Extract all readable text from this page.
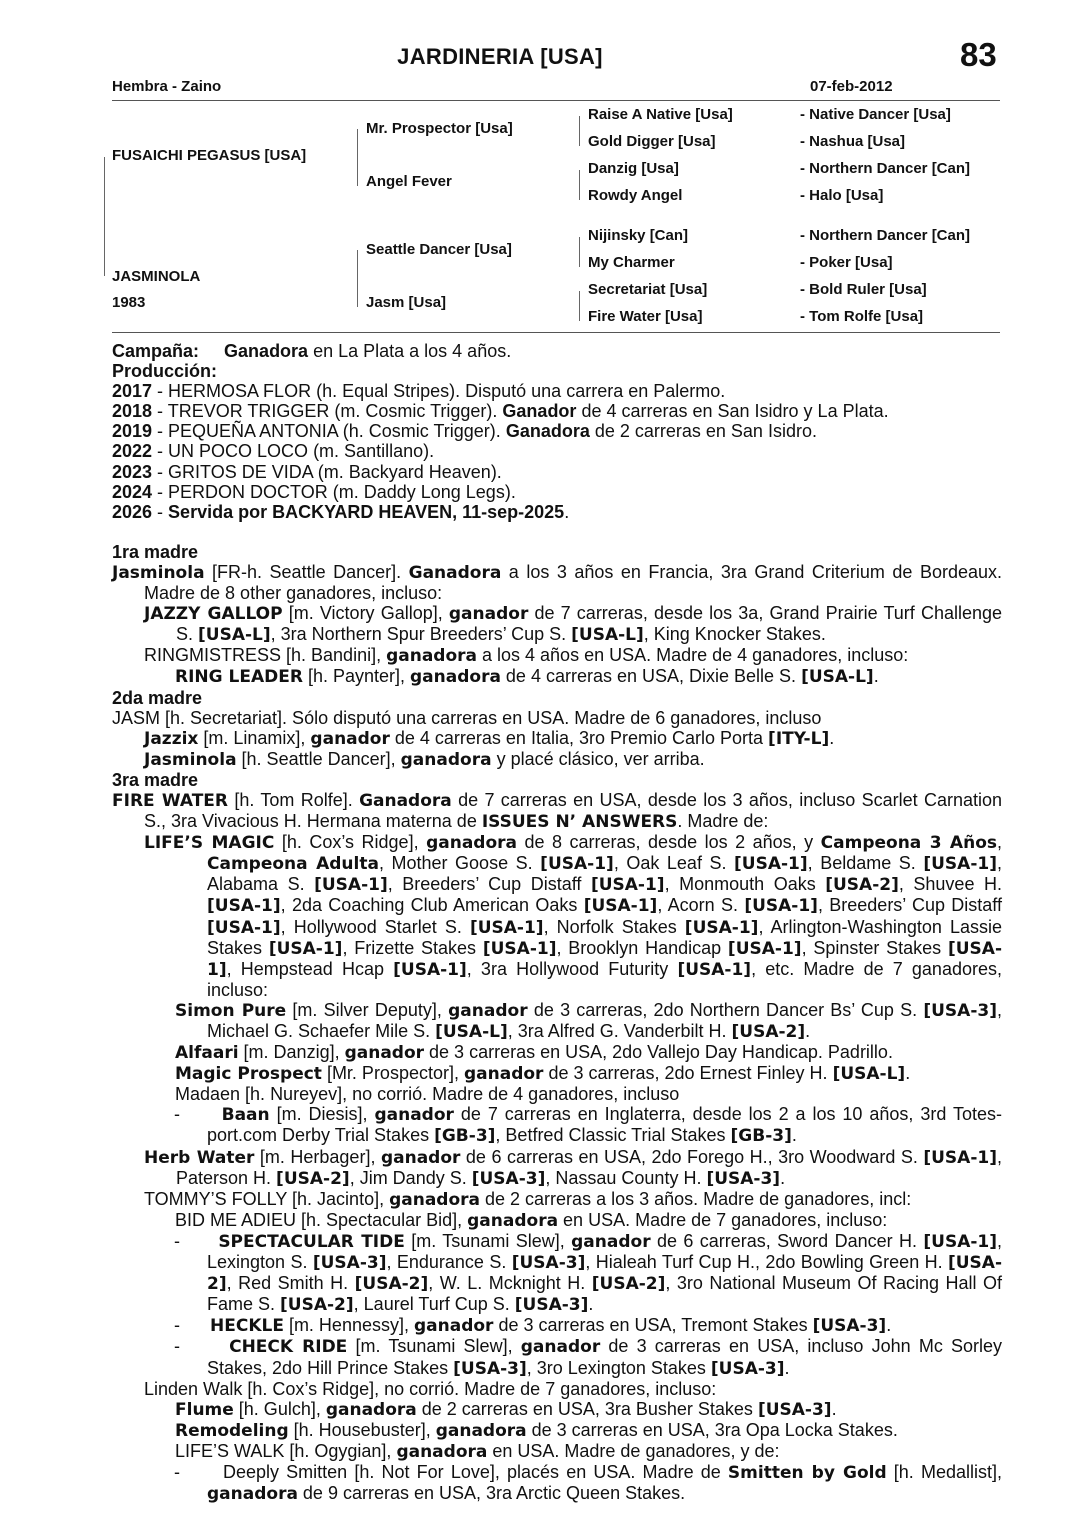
JARDINERIA [USA]	83
Hembra - Zaino	07-feb-2012
FUSAICHI PEGASUS [USA]
JASMINOLA
1983
Mr. Prospector [Usa]
Angel Fever
Seattle Dancer [Usa]
Jasm [Usa]
Raise A Native [Usa]
Gold Digger [Usa]
Danzig [Usa]
Rowdy Angel
Nijinsky [Can]
My Charmer
Secretariat [Usa]
Fire Water [Usa]
- Native Dancer [Usa]
- Nashua [Usa]
- Northern Dancer [Can]
- Halo [Usa]
- Northern Dancer [Can]
- Poker [Usa]
- Bold Ruler [Usa]
- Tom Rolfe [Usa]

Campaña: Ganadora en La Plata a los 4 años.

Producción:

2017 - HERMOSA FLOR (h. Equal Stripes). Disputó una carrera en Palermo.

2018 - TREVOR TRIGGER (m. Cosmic Trigger). Ganador de 4 carreras en San Isidro y La Plata.

2019 - PEQUEÑA ANTONIA (h. Cosmic Trigger). Ganadora de 2 carreras en San Isidro.

2022 - UN POCO LOCO (m. Santillano).

2023 - GRITOS DE VIDA (m. Backyard Heaven).

2024 - PERDON DOCTOR (m. Daddy Long Legs).

2026 - Servida por BACKYARD HEAVEN, 11-sep-2025.

1ra madre

Jasminola [FR-h. Seattle Dancer]. Ganadora a los 3 años en Francia, 3ra Grand Criterium de Bordeaux. Madre de 8 other ganadores, incluso:

JAZZY GALLOP [m. Victory Gallop], ganador de 7 carreras, desde los 3a, Grand Prairie Turf Challenge S. [USA-L], 3ra Northern Spur Breeders’ Cup S. [USA-L], King Knocker Stakes.

RINGMISTRESS [h. Bandini], ganadora a los 4 años en USA. Madre de 4 ganadores, incluso:

RING LEADER [h. Paynter], ganadora de 4 carreras en USA, Dixie Belle S. [USA-L].

2da madre

JASM [h. Secretariat]. Sólo disputó una carreras en USA. Madre de 6 ganadores, incluso

Jazzix [m. Linamix], ganador de 4 carreras en Italia, 3ro Premio Carlo Porta [ITY-L].

Jasminola [h. Seattle Dancer], ganadora y placé clásico, ver arriba.

3ra madre

FIRE WATER [h. Tom Rolfe]. Ganadora de 7 carreras en USA, desde los 3 años, incluso Scarlet Carnation S., 3ra Vivacious H. Hermana materna de ISSUES N’ ANSWERS. Madre de:

LIFE’S MAGIC [h. Cox’s Ridge], ganadora de 8 carreras, desde los 2 años, y Campeona 3 Años, Campeona Adulta, Mother Goose S. [USA-1], Oak Leaf S. [USA-1], Beldame S. [USA-1], Alabama S. [USA-1], Breeders’ Cup Distaff [USA-1], Monmouth Oaks [USA-2], Shuvee H. [USA-1], 2da Coaching Club American Oaks [USA-1], Acorn S. [USA-1], Breeders’ Cup Distaff [USA-1], Hollywood Starlet S. [USA-1], Norfolk Stakes [USA-1], Arlington-Washington Lassie Stakes [USA-1], Frizette Stakes [USA-1], Brooklyn Handicap [USA-1], Spinster Stakes [USA-1], Hempstead Hcap [USA-1], 3ra Hollywood Futurity [USA-1], etc. Madre de 7 ganadores, incluso:

Simon Pure [m. Silver Deputy], ganador de 3 carreras, 2do Northern Dancer Bs’ Cup S. [USA-3], Michael G. Schaefer Mile S. [USA-L], 3ra Alfred G. Vanderbilt H. [USA-2].

Alfaari [m. Danzig], ganador de 3 carreras en USA, 2do Vallejo Day Handicap. Padrillo.

Magic Prospect [Mr. Prospector], ganador de 3 carreras, 2do Ernest Finley H. [USA-L].

Madaen [h. Nureyev], no corrió. Madre de 4 ganadores, incluso

-      Baan [m. Diesis], ganador de 7 carreras en Inglaterra, desde los 2 a los 10 años, 3rd Totes- port.com Derby Trial Stakes [GB-3], Betfred Classic Trial Stakes [GB-3].

Herb Water [m. Herbager], ganador de 6 carreras en USA, 2do Forego H., 3ro Woodward S. [USA-1], Paterson H. [USA-2], Jim Dandy S. [USA-3], Nassau County H. [USA-3].

TOMMY’S FOLLY [h. Jacinto], ganadora de 2 carreras a los 3 años. Madre de ganadores, incl:

BID ME ADIEU [h. Spectacular Bid], ganadora en USA. Madre de 7 ganadores, incluso:

-      SPECTACULAR TIDE [m. Tsunami Slew], ganador de 6 carreras, Sword Dancer H. [USA-1], Lexington S. [USA-3], Endurance S. [USA-3], Hialeah Turf Cup H., 2do Bowling Green H. [USA-2], Red Smith H. [USA-2], W. L. Mcknight H. [USA-2], 3ro National Museum Of Racing Hall Of Fame S. [USA-2], Laurel Turf Cup S. [USA-3].

-      HECKLE [m. Hennessy], ganador de 3 carreras en USA, Tremont Stakes [USA-3].

-      CHECK RIDE [m. Tsunami Slew], ganador de 3 carreras en USA, incluso John Mc Sorley Stakes, 2do Hill Prince Stakes [USA-3], 3ro Lexington Stakes [USA-3].

Linden Walk [h. Cox’s Ridge], no corrió. Madre de 7 ganadores, incluso:

Flume [h. Gulch], ganadora de 2 carreras en USA, 3ra Busher Stakes [USA-3].

Remodeling [h. Housebuster], ganadora de 3 carreras en USA, 3ra Opa Locka Stakes.

LIFE’S WALK [h. Ogygian], ganadora en USA. Madre de ganadores, y de:

-      Deeply Smitten [h. Not For Love], placés en USA. Madre de Smitten by Gold [h. Medallist], ganadora de 9 carreras en USA, 3ra Arctic Queen Stakes.
